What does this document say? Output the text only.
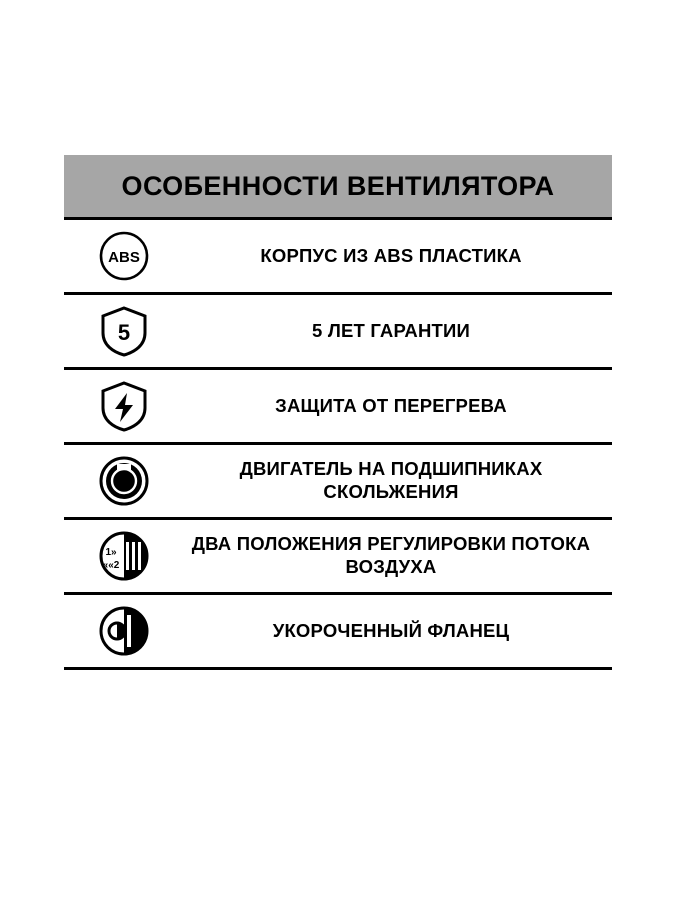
ОСОБЕННОСТИ ВЕНТИЛЯТОРА
ABS	КОРПУС ИЗ ABS ПЛАСТИКА
5	5 ЛЕТ ГАРАНТИИ
ЗАЩИТА ОТ ПЕРЕГРЕВА
ДВИГАТЕЛЬ НА ПОДШИПНИКАХ СКОЛЬЖЕНИЯ
1»
««2
ДВА ПОЛОЖЕНИЯ РЕГУЛИРОВКИ ПОТОКА ВОЗДУХА
УКОРОЧЕННЫЙ ФЛАНЕЦ
